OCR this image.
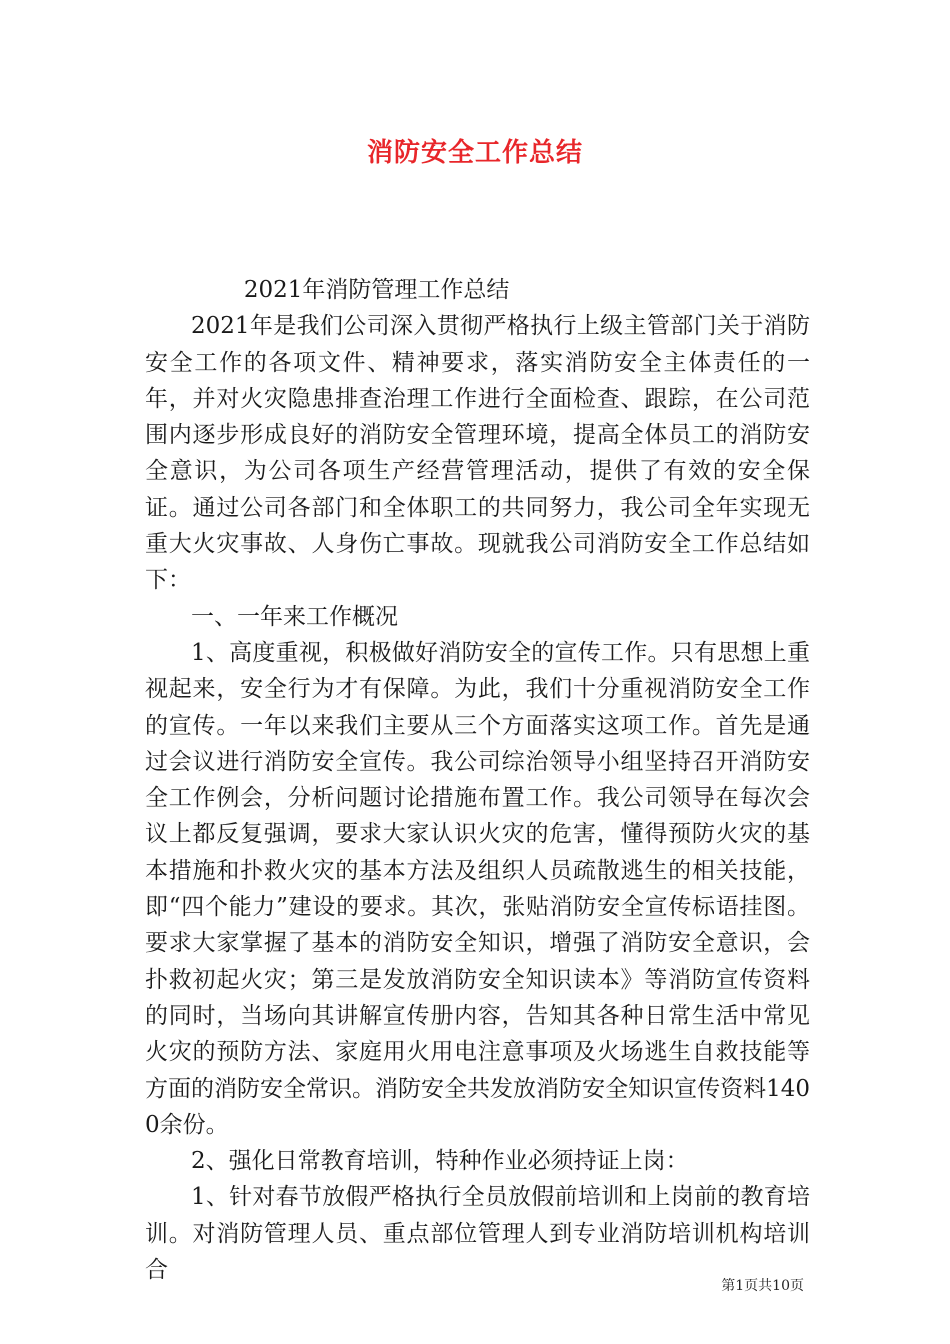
消防安全工作总结

2021年消防管理工作总结

2021年是我们公司深入贯彻严格执行上级主管部门关于消防安全工作的各项文件、精神要求，落实消防安全主体责任的一年，并对火灾隐患排查治理工作进行全面检查、跟踪，在公司范围内逐步形成良好的消防安全管理环境，提高全体员工的消防安全意识，为公司各项生产经营管理活动，提供了有效的安全保证。通过公司各部门和全体职工的共同努力，我公司全年实现无重大火灾事故、人身伤亡事故。现就我公司消防安全工作总结如下：

一、一年来工作概况

1、高度重视，积极做好消防安全的宣传工作。只有思想上重视起来，安全行为才有保障。为此，我们十分重视消防安全工作的宣传。一年以来我们主要从三个方面落实这项工作。首先是通过会议进行消防安全宣传。我公司综治领导小组坚持召开消防安全工作例会，分析问题讨论措施布置工作。我公司领导在每次会议上都反复强调，要求大家认识火灾的危害，懂得预防火灾的基本措施和扑救火灾的基本方法及组织人员疏散逃生的相关技能，即“四个能力”建设的要求。其次，张贴消防安全宣传标语挂图。要求大家掌握了基本的消防安全知识，增强了消防安全意识，会扑救初起火灾；第三是发放消防安全知识读本》等消防宣传资料的同时，当场向其讲解宣传册内容，告知其各种日常生活中常见火灾的预防方法、家庭用火用电注意事项及火场逃生自救技能等方面的消防安全常识。消防安全共发放消防安全知识宣传资料1400余份。

2、强化日常教育培训，特种作业必须持证上岗：

1、针对春节放假严格执行全员放假前培训和上岗前的教育培训。对消防管理人员、重点部位管理人到专业消防培训机构培训合

第1页共10页
